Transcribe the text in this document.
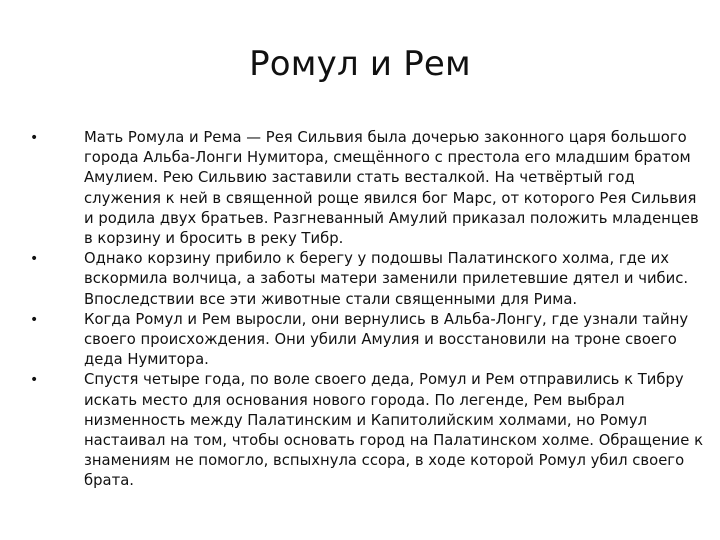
Ромул и Рем
•	Мать Ромула и Рема — Рея Сильвия была дочерью законного царя большого города Альба-Лонги Нумитора, смещённого с престола его младшим братом Амулием. Рею Сильвию заставили стать весталкой. На четвёртый год служения к ней в священной роще явился бог Марс, от которого Рея Сильвия и родила двух братьев. Разгневанный Амулий приказал положить младенцев в корзину и бросить в реку Тибр.
•	Однако корзину прибило к берегу у подошвы Палатинского холма, где их вскормила волчица, а заботы матери заменили прилетевшие дятел и чибис. Впоследствии все эти животные стали священными для Рима.
•	Когда Ромул и Рем выросли, они вернулись в Альба-Лонгу, где узнали тайну своего происхождения. Они убили Амулия и восстановили на троне своего деда Нумитора.
•	Спустя четыре года, по воле своего деда, Ромул и Рем отправились к Тибру искать место для основания нового города. По легенде, Рем выбрал низменность между Палатинским и Капитолийским холмами, но Ромул настаивал на том, чтобы основать город на Палатинском холме. Обращение к знамениям не помогло, вспыхнула ссора, в ходе которой Ромул убил своего брата.
